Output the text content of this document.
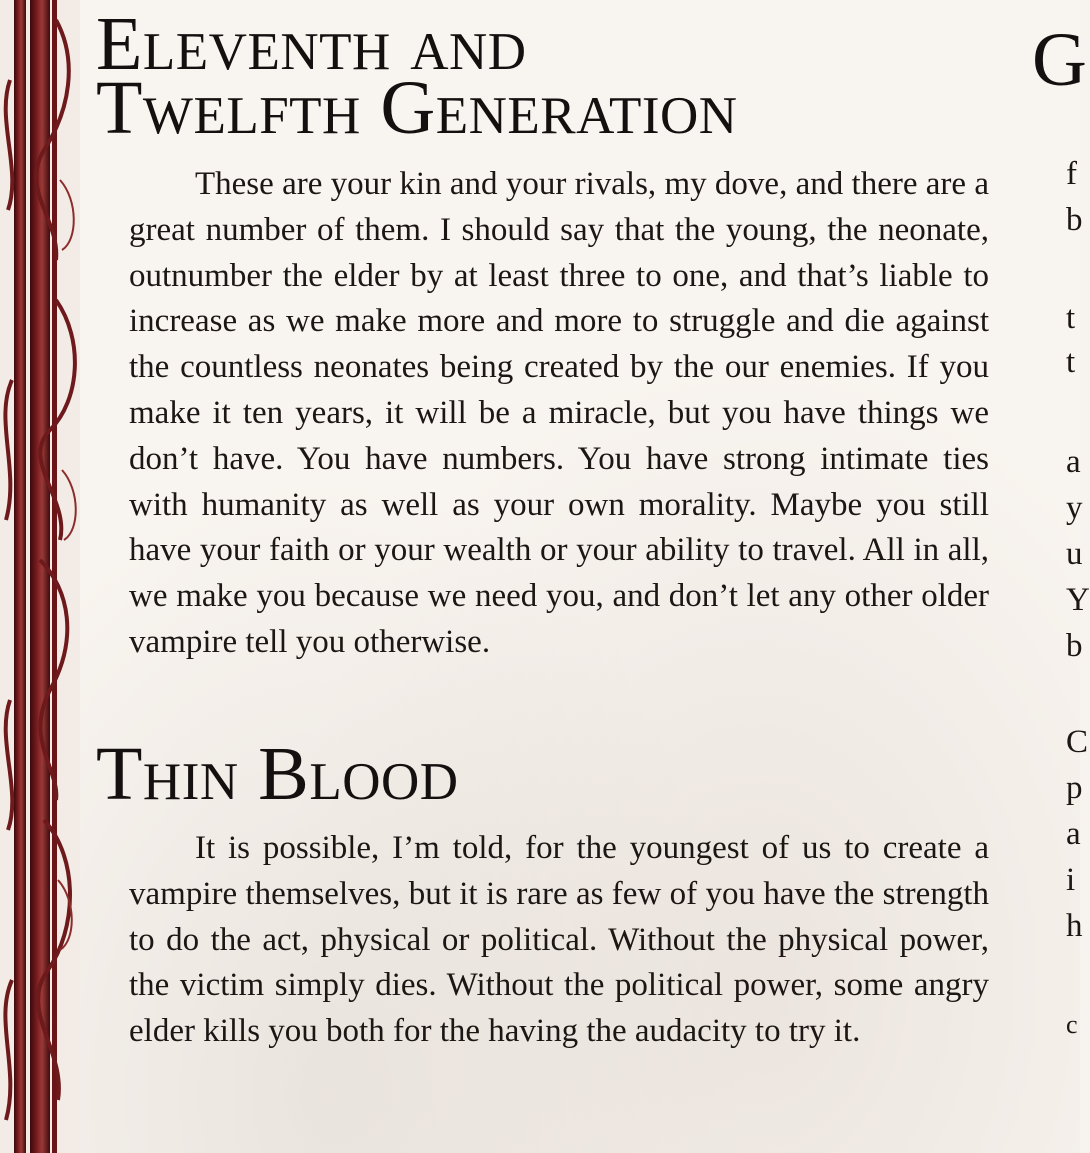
Eleventh and
Twelfth Generation

These are your kin and your rivals, my dove, and there are a great number of them. I should say that the young, the neonate, outnumber the elder by at least three to one, and that’s liable to increase as we make more and more to struggle and die against the countless neonates being created by the our enemies. If you make it ten years, it will be a miracle, but you have things we don’t have. You have numbers. You have strong intimate ties with humanity as well as your own morality. Maybe you still have your faith or your wealth or your ability to travel. All in all, we make you because we need you, and don’t let any other older vampire tell you otherwise.

Thin Blood

It is possible, I’m told, for the youngest of us to create a vampire themselves, but it is rare as few of you have the strength to do the act, physical or political. Without the physical power, the victim simply dies. Without the political power, some angry elder kills you both for the having the audacity to try it.

G
f
b
t
t
a
y
u
Y
b
C
p
a
i
h
c
